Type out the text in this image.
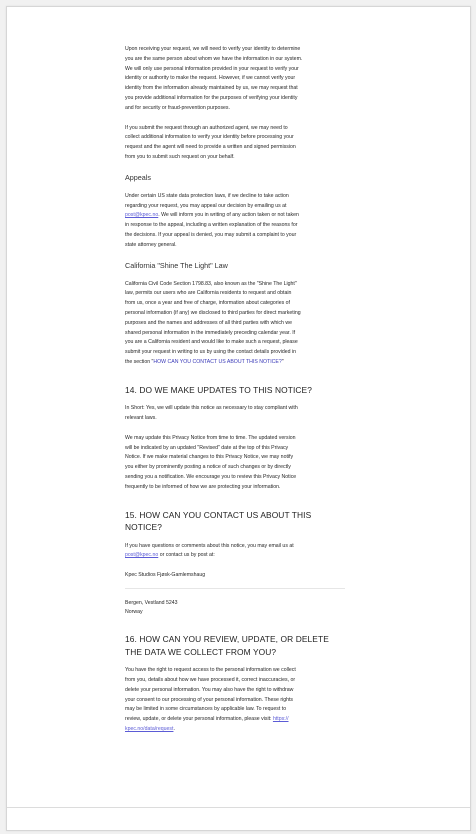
Upon receiving your request, we will need to verify your identity to determine
you are the same person about whom we have the information in our system.
We will only use personal information provided in your request to verify your
identity or authority to make the request. However, if we cannot verify your
identity from the information already maintained by us, we may request that
you provide additional information for the purposes of verifying your identity
and for security or fraud-prevention purposes.

If you submit the request through an authorized agent, we may need to
collect additional information to verify your identity before processing your
request and the agent will need to provide a written and signed permission
from you to submit such request on your behalf.

Appeals

Under certain US state data protection laws, if we decline to take action
regarding your request, you may appeal our decision by emailing us at
post@kpec.no. We will inform you in writing of any action taken or not taken
in response to the appeal, including a written explanation of the reasons for
the decisions. If your appeal is denied, you may submit a complaint to your
state attorney general.

California "Shine The Light" Law

California Civil Code Section 1798.83, also known as the "Shine The Light"
law, permits our users who are California residents to request and obtain
from us, once a year and free of charge, information about categories of
personal information (if any) we disclosed to third parties for direct marketing
purposes and the names and addresses of all third parties with which we
shared personal information in the immediately preceding calendar year. If
you are a California resident and would like to make such a request, please
submit your request in writing to us by using the contact details provided in
the section "HOW CAN YOU CONTACT US ABOUT THIS NOTICE?"

14. DO WE MAKE UPDATES TO THIS NOTICE?

In Short: Yes, we will update this notice as necessary to stay compliant with
relevant laws.

We may update this Privacy Notice from time to time. The updated version
will be indicated by an updated "Revised" date at the top of this Privacy
Notice. If we make material changes to this Privacy Notice, we may notify
you either by prominently posting a notice of such changes or by directly
sending you a notification. We encourage you to review this Privacy Notice
frequently to be informed of how we are protecting your information.

15. HOW CAN YOU CONTACT US ABOUT THIS
NOTICE?

If you have questions or comments about this notice, you may email us at
post@kpec.no or contact us by post at:

Kpec Studios Fjøsk-Gamlemshaug

Bergen, Vestland 5243

Norway

16. HOW CAN YOU REVIEW, UPDATE, OR DELETE
THE DATA WE COLLECT FROM YOU?

You have the right to request access to the personal information we collect
from you, details about how we have processed it, correct inaccuracies, or
delete your personal information. You may also have the right to withdraw
your consent to our processing of your personal information. These rights
may be limited in some circumstances by applicable law. To request to
review, update, or delete your personal information, please visit: https://
kpec.no/data/request.
